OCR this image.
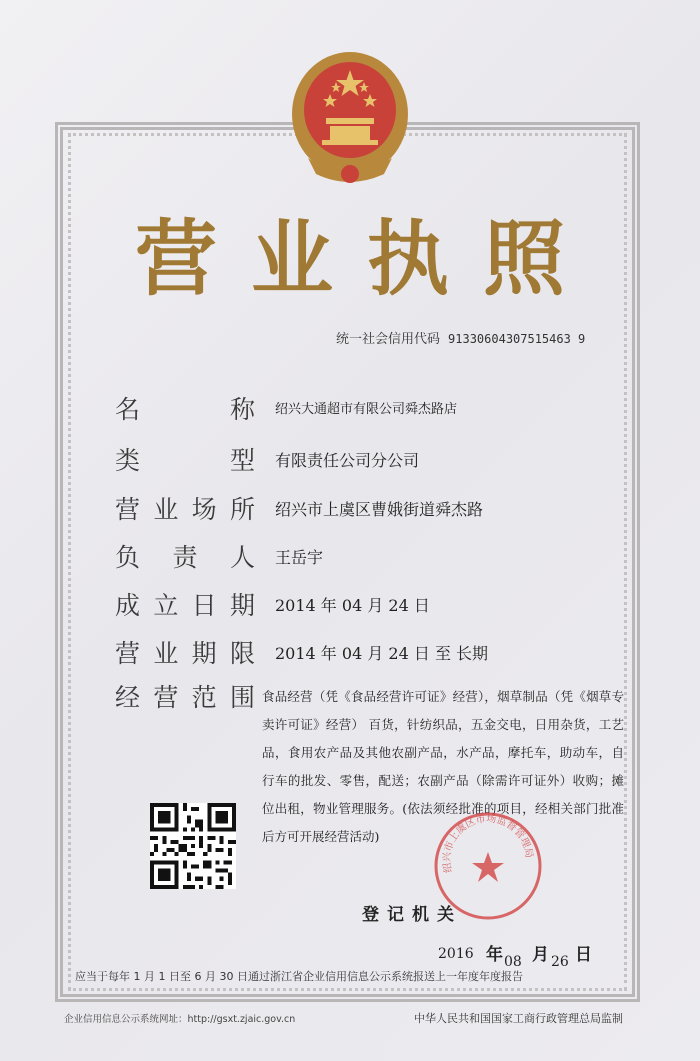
营业执照
统一社会信用代码 91330604307515463 9
名	称 绍兴大通超市有限公司舜杰路店
类	型 有限责任公司分公司
营 业 场 所 绍兴市上虞区曹娥街道舜杰路
负 责 人 王岳宇
成 立 日 期 2014 年 04 月 24 日
营 业 期 限 2014 年 04 月 24 日 至 长期
经 营 范 围 食品经营（凭《食品经营许可证》经营），烟草制品（凭《烟草专卖许可证》经营） 百货，针纺织品，五金交电，日用杂货，工艺品，食用农产品及其他农副产品，水产品，摩托车，助动车，自行车的批发、零售，配送；农副产品（除需许可证外）收购；摊位出租，物业管理服务。(依法须经批准的项目，经相关部门批准后方可开展经营活动)
登记机关
绍兴市上虞区市场监督管理局
2016 年 08 月 26 日
应当于每年 1 月 1 日至 6 月 30 日通过浙江省企业信用信息公示系统报送上一年度年度报告
企业信用信息公示系统网址：http://gsxt.zjaic.gov.cn	中华人民共和国国家工商行政管理总局监制
